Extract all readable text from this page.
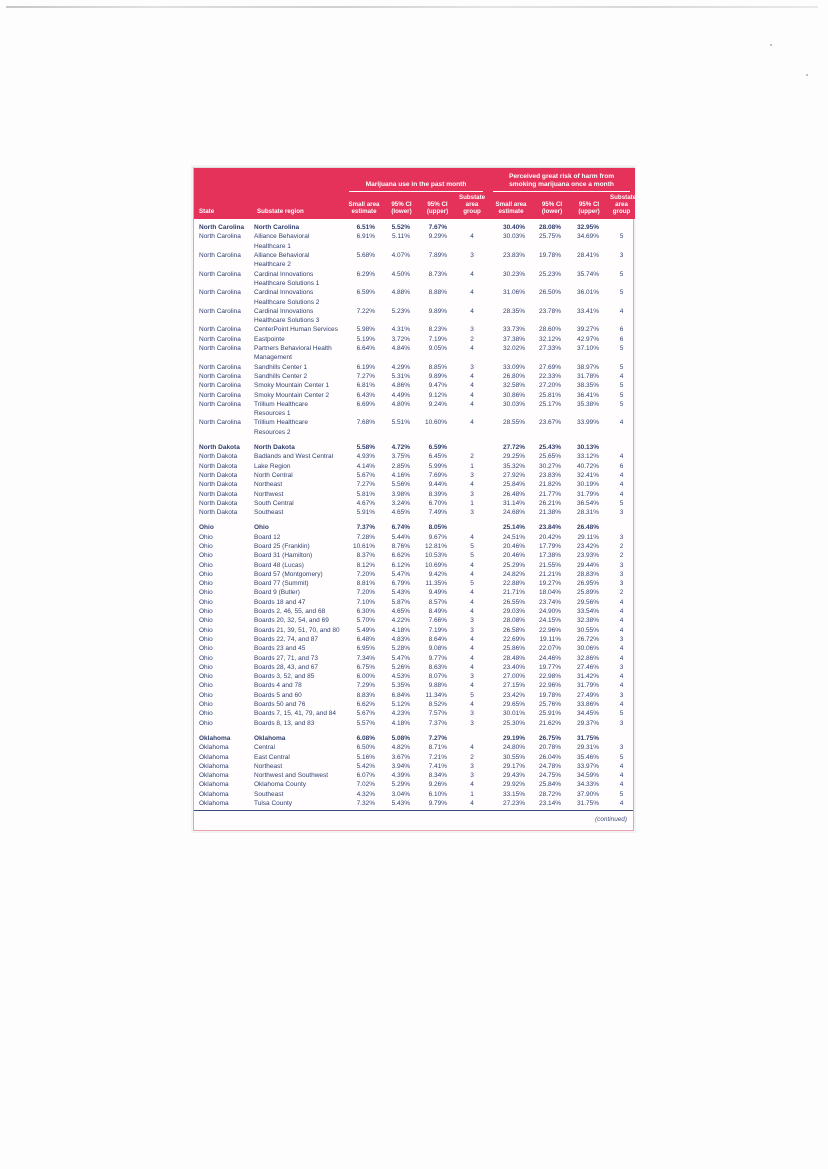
		Marijuana use in the past month				Perceived great risk of harm from smoking marijuana once a month			

State	Substate region	Small area estimate	95% CI (lower)	95% CI (upper)	Substate area group	Small area estimate	95% CI (lower)	95% CI (upper)	Substate area group
North Carolina	North Carolina	6.51%	5.52%	7.67%		30.40%	28.08%	32.95%	
North Carolina	Alliance Behavioral Healthcare 1	6.91%	5.11%	9.29%	4	30.03%	25.75%	34.69%	5
North Carolina	Alliance Behavioral Healthcare 2	5.68%	4.07%	7.89%	3	23.83%	19.78%	28.41%	3
North Carolina	Cardinal Innovations Healthcare Solutions 1	6.29%	4.50%	8.73%	4	30.23%	25.23%	35.74%	5
North Carolina	Cardinal Innovations Healthcare Solutions 2	6.59%	4.88%	8.88%	4	31.06%	26.50%	36.01%	5
North Carolina	Cardinal Innovations Healthcare Solutions 3	7.22%	5.23%	9.89%	4	28.35%	23.78%	33.41%	4
North Carolina	CenterPoint Human Services	5.98%	4.31%	8.23%	3	33.73%	28.60%	39.27%	6
North Carolina	Eastpointe	5.19%	3.72%	7.19%	2	37.38%	32.12%	42.97%	6
North Carolina	Partners Behavioral Health Management	6.64%	4.84%	9.05%	4	32.02%	27.33%	37.10%	5
North Carolina	Sandhills Center 1	6.19%	4.29%	8.85%	3	33.09%	27.69%	38.97%	5
North Carolina	Sandhills Center 2	7.27%	5.31%	9.89%	4	26.80%	22.33%	31.78%	4
North Carolina	Smoky Mountain Center 1	6.81%	4.86%	9.47%	4	32.58%	27.20%	38.35%	5
North Carolina	Smoky Mountain Center 2	6.43%	4.49%	9.12%	4	30.86%	25.81%	36.41%	5
North Carolina	Trillium Healthcare Resources 1	6.69%	4.80%	9.24%	4	30.03%	25.17%	35.38%	5
North Carolina	Trillium Healthcare Resources 2	7.68%	5.51%	10.60%	4	28.55%	23.67%	33.99%	4
North Dakota	North Dakota	5.58%	4.72%	6.59%		27.72%	25.43%	30.13%	
North Dakota	Badlands and West Central	4.93%	3.75%	6.45%	2	29.25%	25.65%	33.12%	4
North Dakota	Lake Region	4.14%	2.85%	5.99%	1	35.32%	30.27%	40.72%	6
North Dakota	North Central	5.67%	4.16%	7.69%	3	27.92%	23.83%	32.41%	4
North Dakota	Northeast	7.27%	5.56%	9.44%	4	25.84%	21.82%	30.19%	4
North Dakota	Northwest	5.81%	3.98%	8.39%	3	26.48%	21.77%	31.79%	4
North Dakota	South Central	4.67%	3.24%	6.70%	1	31.14%	26.21%	36.54%	5
North Dakota	Southeast	5.91%	4.65%	7.49%	3	24.68%	21.38%	28.31%	3
Ohio	Ohio	7.37%	6.74%	8.05%		25.14%	23.84%	26.48%	
Ohio	Board 12	7.28%	5.44%	9.67%	4	24.51%	20.42%	29.11%	3
Ohio	Board 25 (Franklin)	10.61%	8.76%	12.81%	5	20.46%	17.79%	23.42%	2
Ohio	Board 31 (Hamilton)	8.37%	6.62%	10.53%	5	20.46%	17.38%	23.93%	2
Ohio	Board 48 (Lucas)	8.12%	6.12%	10.69%	4	25.29%	21.55%	29.44%	3
Ohio	Board 57 (Montgomery)	7.20%	5.47%	9.42%	4	24.82%	21.21%	28.83%	3
Ohio	Board 77 (Summit)	8.81%	6.79%	11.35%	5	22.88%	19.27%	26.95%	3
Ohio	Board 9 (Butler)	7.20%	5.43%	9.49%	4	21.71%	18.04%	25.89%	2
Ohio	Boards 18 and 47	7.10%	5.87%	8.57%	4	26.55%	23.74%	29.56%	4
Ohio	Boards 2, 46, 55, and 68	6.30%	4.65%	8.49%	4	29.03%	24.90%	33.54%	4
Ohio	Boards 20, 32, 54, and 69	5.70%	4.22%	7.66%	3	28.08%	24.15%	32.38%	4
Ohio	Boards 21, 39, 51, 70, and 80	5.49%	4.18%	7.19%	3	26.58%	22.96%	30.55%	4
Ohio	Boards 22, 74, and 87	6.48%	4.83%	8.64%	4	22.69%	19.11%	26.72%	3
Ohio	Boards 23 and 45	6.95%	5.28%	9.08%	4	25.86%	22.07%	30.06%	4
Ohio	Boards 27, 71, and 73	7.34%	5.47%	9.77%	4	28.48%	24.46%	32.86%	4
Ohio	Boards 28, 43, and 67	6.75%	5.26%	8.63%	4	23.40%	19.77%	27.46%	3
Ohio	Boards 3, 52, and 85	6.00%	4.53%	8.07%	3	27.00%	22.98%	31.42%	4
Ohio	Boards 4 and 78	7.29%	5.35%	9.88%	4	27.15%	22.96%	31.79%	4
Ohio	Boards 5 and 60	8.83%	6.84%	11.34%	5	23.42%	19.78%	27.49%	3
Ohio	Boards 50 and 76	6.62%	5.12%	8.52%	4	29.65%	25.76%	33.86%	4
Ohio	Boards 7, 15, 41, 79, and 84	5.67%	4.23%	7.57%	3	30.01%	25.91%	34.45%	5
Ohio	Boards 8, 13, and 83	5.57%	4.18%	7.37%	3	25.30%	21.62%	29.37%	3
Oklahoma	Oklahoma	6.08%	5.08%	7.27%		29.19%	26.75%	31.75%	
Oklahoma	Central	6.50%	4.82%	8.71%	4	24.80%	20.78%	29.31%	3
Oklahoma	East Central	5.16%	3.67%	7.21%	2	30.55%	26.04%	35.46%	5
Oklahoma	Northeast	5.42%	3.94%	7.41%	3	29.17%	24.78%	33.97%	4
Oklahoma	Northwest and Southwest	6.07%	4.39%	8.34%	3	29.43%	24.75%	34.59%	4
Oklahoma	Oklahoma County	7.02%	5.29%	9.26%	4	29.92%	25.84%	34.33%	4
Oklahoma	Southeast	4.32%	3.04%	6.10%	1	33.15%	28.72%	37.90%	5
Oklahoma	Tulsa County	7.32%	5.43%	9.79%	4	27.23%	23.14%	31.75%	4
(continued)
